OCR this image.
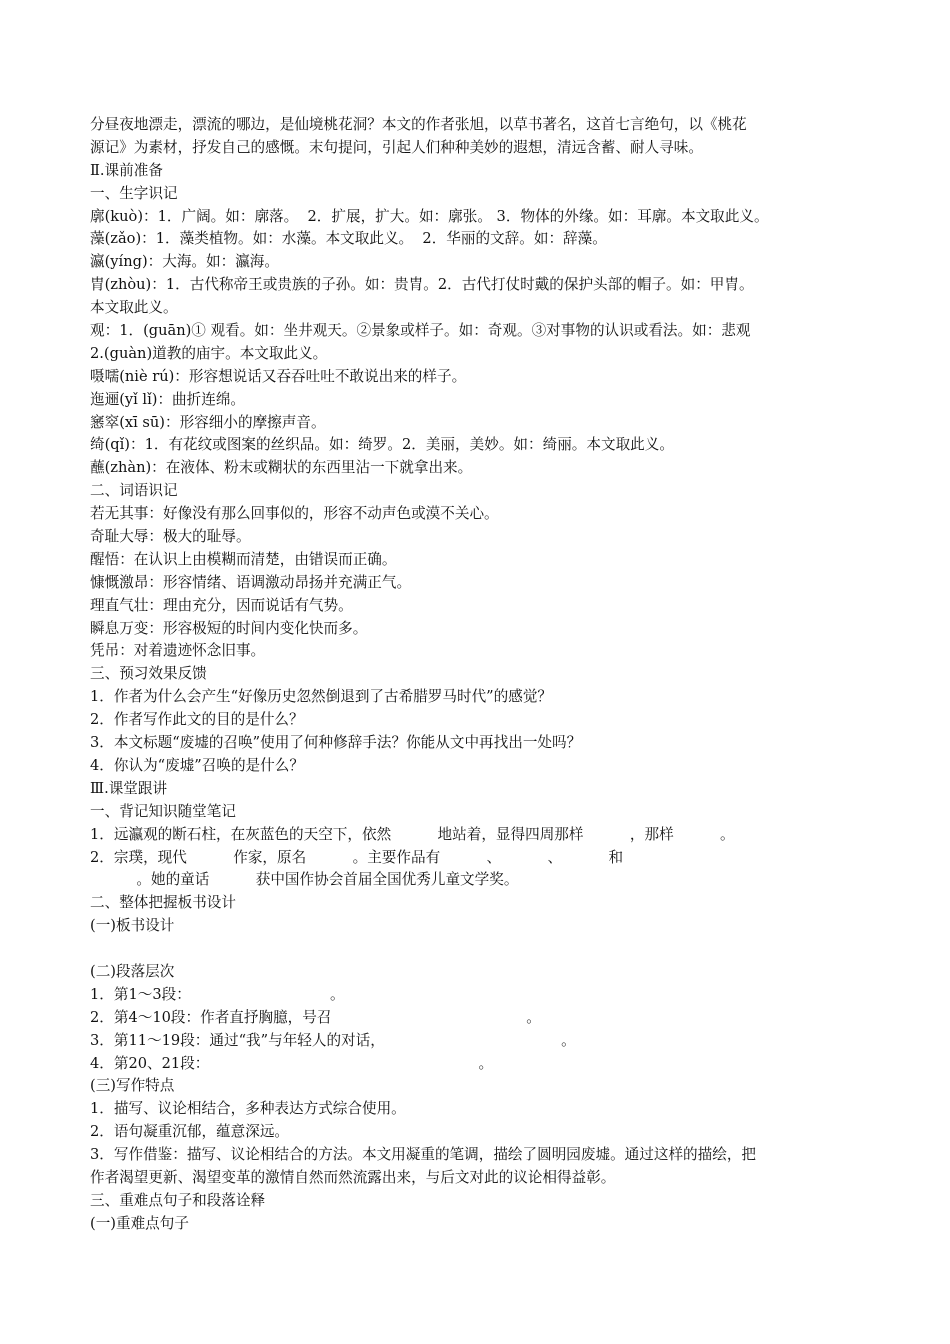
分昼夜地漂走，漂流的哪边，是仙境桃花洞？本文的作者张旭，以草书著名，这首七言绝句，以《桃花
源记》为素材，抒发自己的感慨。末句提问，引起人们种种美妙的遐想，清远含蓄、耐人寻味。
Ⅱ.课前准备
一、生字识记
廓(kuò)：1．广阔。如：廓落。  2．扩展，扩大。如：廓张。 3．物体的外缘。如：耳廓。本文取此义。
藻(zǎo)：1．藻类植物。如：水藻。本文取此义。  2．华丽的文辞。如：辞藻。
瀛(yíng)：大海。如：瀛海。
胄(zhòu)：1．古代称帝王或贵族的子孙。如：贵胄。2．古代打仗时戴的保护头部的帽子。如：甲胄。
本文取此义。
观：1．(guān)① 观看。如：坐井观天。②景象或样子。如：奇观。③对事物的认识或看法。如：悲观
2.(guàn)道教的庙宇。本文取此义。
嗫嚅(niè rú)：形容想说话又吞吞吐吐不敢说出来的样子。
迤逦(yǐ lǐ)：曲折连绵。
窸窣(xī sū)：形容细小的摩擦声音。
绮(qǐ)：1．有花纹或图案的丝织品。如：绮罗。2．美丽，美妙。如：绮丽。本文取此义。
蘸(zhàn)：在液体、粉末或糊状的东西里沾一下就拿出来。
二、词语识记
若无其事：好像没有那么回事似的，形容不动声色或漠不关心。
奇耻大辱：极大的耻辱。
醒悟：在认识上由模糊而清楚，由错误而正确。
慷慨激昂：形容情绪、语调激动昂扬并充满正气。
理直气壮：理由充分，因而说话有气势。
瞬息万变：形容极短的时间内变化快而多。
凭吊：对着遗迹怀念旧事。
三、预习效果反馈
1．作者为什么会产生“好像历史忽然倒退到了古希腊罗马时代”的感觉？
2．作者写作此文的目的是什么？
3．本文标题“废墟的召唤”使用了何种修辞手法？你能从文中再找出一处吗？
4．你认为“废墟”召唤的是什么？
Ⅲ.课堂跟讲
一、背记知识随堂笔记
1．远瀛观的断石柱，在灰蓝色的天空下，依然          地站着，显得四周那样          ，那样          。
2．宗璞，现代          作家，原名          。主要作品有          、          、          和
。她的童话          获中国作协会首届全国优秀儿童文学奖。
二、整体把握板书设计
(一)板书设计
(二)段落层次
1．第1～3段：                              。
2．第4～10段：作者直抒胸臆，号召                                          。
3．第11～19段：通过“我”与年轻人的对话，                                      。
4．第20、21段：                                                          。
(三)写作特点
1．描写、议论相结合，多种表达方式综合使用。
2．语句凝重沉郁，蕴意深远。
3．写作借鉴：描写、议论相结合的方法。本文用凝重的笔调，描绘了圆明园废墟。通过这样的描绘，把
作者渴望更新、渴望变革的激情自然而然流露出来，与后文对此的议论相得益彰。
三、重难点句子和段落诠释
(一)重难点句子
